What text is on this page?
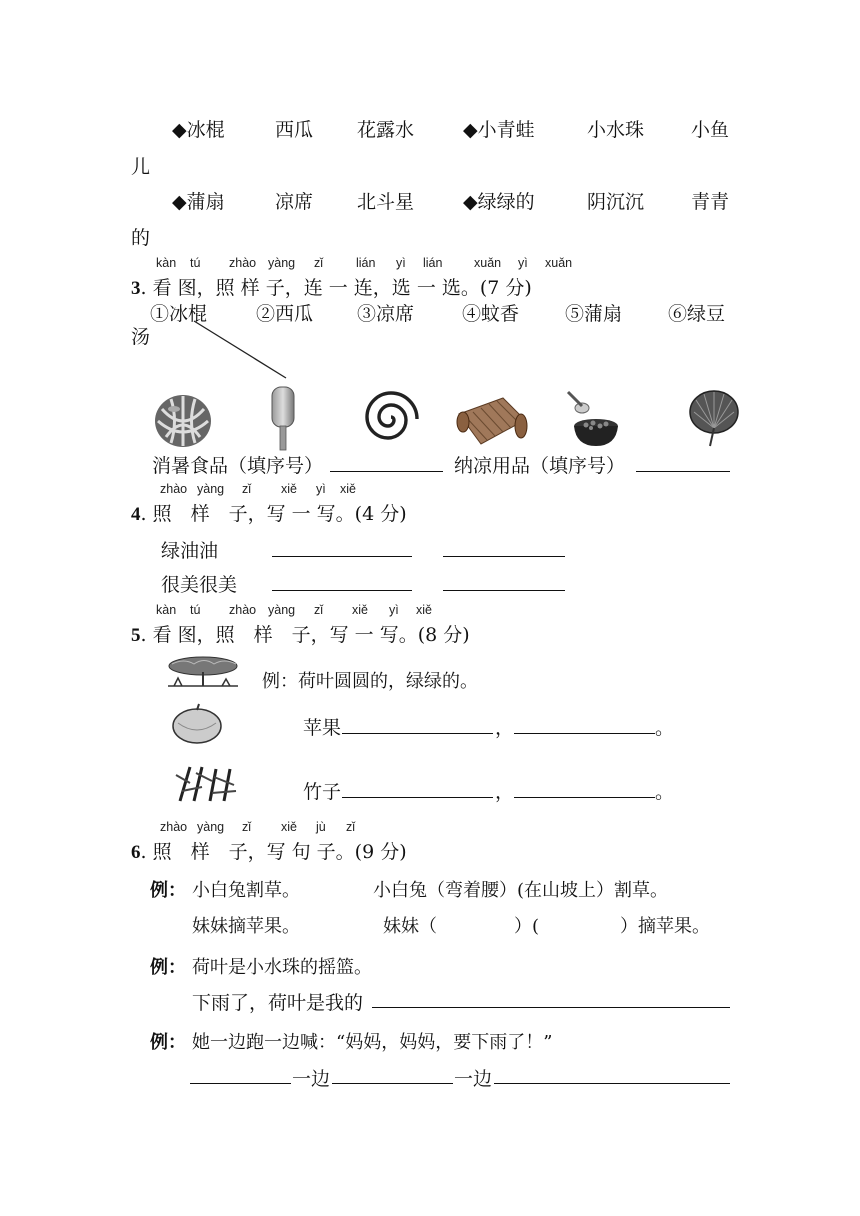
◆冰棍	西瓜 花露水	◆小青蛙	小水珠 小鱼
儿
◆蒲扇	凉席 北斗星	◆绿绿的	阴沉沉 青青
的
kàn tú zhào yàng zǐ	lián yì lián	xuǎn yì xuǎn
3. 看 图，照 样 子，连 一 连，选 一 选。(7 分)
①冰棍	②西瓜 ③凉席	④蚊香 ⑤蒲扇 ⑥绿豆
汤
消暑食品（填序号）	纳凉用品（填序号）
zhào yàng zǐ xiě yì xiě
4. 照　样　子，写 一 写。(4 分)
绿油油
很美很美
kàn tú zhào yàng zǐ xiě yì xiě
5. 看 图，照　样　子，写 一 写。(8 分)
例：荷叶圆圆的，绿绿的。
苹果	，	。
竹子	，	。
zhào yàng zǐ xiě jù zǐ
6. 照　样　子，写 句 子。(9 分)
例： 小白兔割草。	小白兔（弯着腰）(在山坡上）割草。
妹妹摘苹果。	妹妹（	）(	）摘苹果。
例： 荷叶是小水珠的摇篮。
下雨了，荷叶是我的
例： 她一边跑一边喊：“妈妈，妈妈，要下雨了！”
一边	一边
